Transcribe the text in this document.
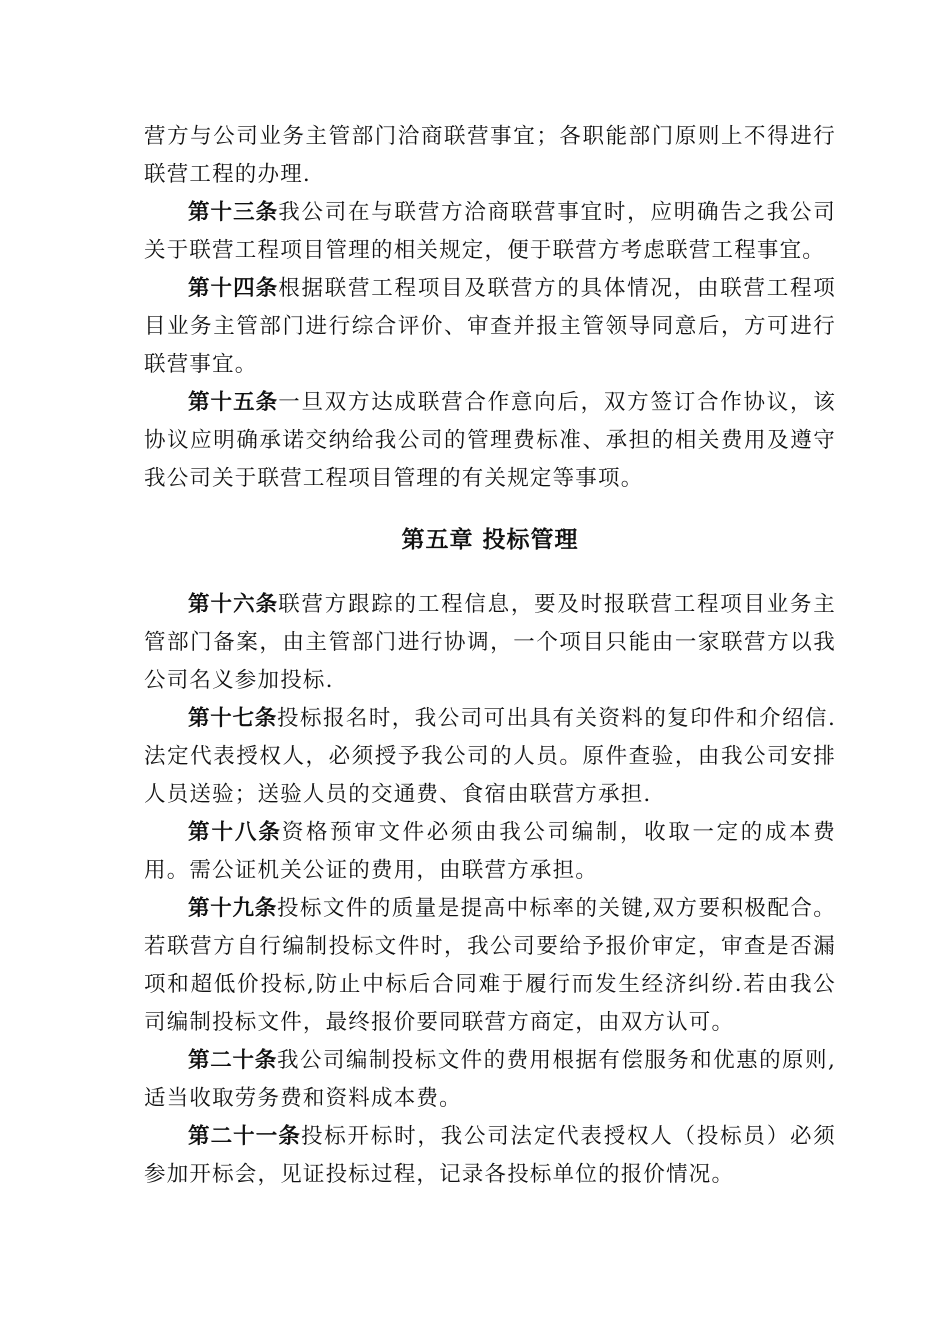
营方与公司业务主管部门洽商联营事宜；各职能部门原则上不得进行联营工程的办理.

第十三条我公司在与联营方洽商联营事宜时，应明确告之我公司关于联营工程项目管理的相关规定，便于联营方考虑联营工程事宜。

第十四条根据联营工程项目及联营方的具体情况，由联营工程项目业务主管部门进行综合评价、审查并报主管领导同意后，方可进行联营事宜。

第十五条一旦双方达成联营合作意向后，双方签订合作协议，该协议应明确承诺交纳给我公司的管理费标准、承担的相关费用及遵守我公司关于联营工程项目管理的有关规定等事项。

第五章 投标管理

第十六条联营方跟踪的工程信息，要及时报联营工程项目业务主管部门备案，由主管部门进行协调，一个项目只能由一家联营方以我公司名义参加投标.

第十七条投标报名时，我公司可出具有关资料的复印件和介绍信.法定代表授权人，必须授予我公司的人员。原件查验，由我公司安排人员送验；送验人员的交通费、食宿由联营方承担.

第十八条资格预审文件必须由我公司编制，收取一定的成本费用。需公证机关公证的费用，由联营方承担。

第十九条投标文件的质量是提高中标率的关键,双方要积极配合。若联营方自行编制投标文件时，我公司要给予报价审定，审查是否漏项和超低价投标,防止中标后合同难于履行而发生经济纠纷.若由我公司编制投标文件，最终报价要同联营方商定，由双方认可。

第二十条我公司编制投标文件的费用根据有偿服务和优惠的原则,适当收取劳务费和资料成本费。

第二十一条投标开标时，我公司法定代表授权人（投标员）必须参加开标会，见证投标过程，记录各投标单位的报价情况。
